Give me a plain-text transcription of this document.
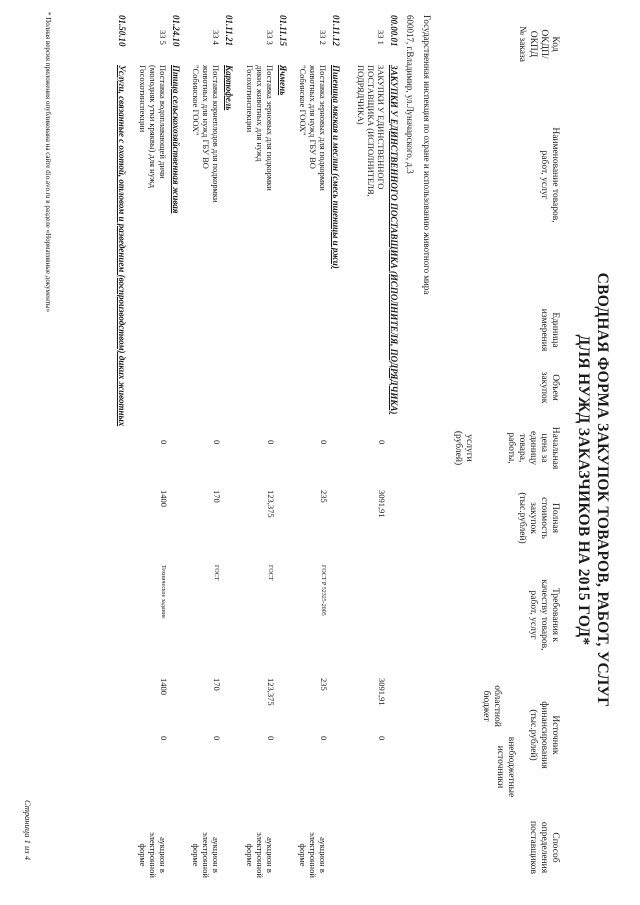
СВОДНАЯ ФОРМА ЗАКУПОК ТОВАРОВ, РАБОТ, УСЛУГ
ДЛЯ НУЖД ЗАКАЗЧИКОВ НА 2015 ГОД*
Код
ОКДП/
ОКПД
№ заказа
Наименование товаров,
работ, услуг
Единица
измерения
Объем
закупок
Начальная
цена за
единицу
товара,
работы,
услуги
(рублей)
Полная
стоимость
закупок
(тыс.рублей)
Требования к
качеству товаров,
работ, услуг
Источник
финансирования
(тыс.рублей)
областной
бюджет
внебюджетные
источники
Способ
определения
поставщиков
Государственная инспекция по охране и использованию животного мира
600017, г.Владимир, ул.Луначарского, д.3
00.00.01
ЗАКУПКИ У ЕДИНСТВЕННОГО ПОСТАВЩИКА (ИСПОЛНИТЕЛЯ, ПОДРЯДЧИКА)
33 1
ЗАКУПКИ У ЕДИНСТВЕННОГО
ПОСТАВЩИКА (ИСПОЛНИТЕЛЯ,
ПОДРЯДЧИКА)
0
3091,91
3091,91
0
01.11.12
Пшеница мягкая и меслин (смесь пшеницы и ржи)
33 2
Поставка зерновых для подкормки
животных для нужд ГБУ ВО
"Собинское ГООХ"
0
235
ГОСТ Р 52325-2005
235
0
аукцион в
электронной
форме
01.11.15
Ячмень
33 3
Поставка зерновых для подкормки
диких животных для нужд
Госохотинспекции
0
123,375
ГОСТ
123,375
0
аукцион в
электронной
форме
01.11.21
Картофель
33 4
Поставка корнеплодов для подкормки
животных для нужд ГБУ ВО
"Собинское ГООХ"
0
170
ГОСТ
170
0
аукцион в
электронной
форме
01.24.10
Птица сельскохозяйственная живая
33 5
Поставка водоплавающей дичи
(молодняк утки кряквы) для нужд
Госохотинспекции
0
1400
Техническое задание
1400
0
аукцион в
электронной
форме
01.50.10
Услуги, связанные с охотой, отловом и разведением (воспроизводством) диких животных
* Полная версия приложения опубликована на сайте dio.avo.ru в разделе «Нормативные документы»
Страница 1 из 4
